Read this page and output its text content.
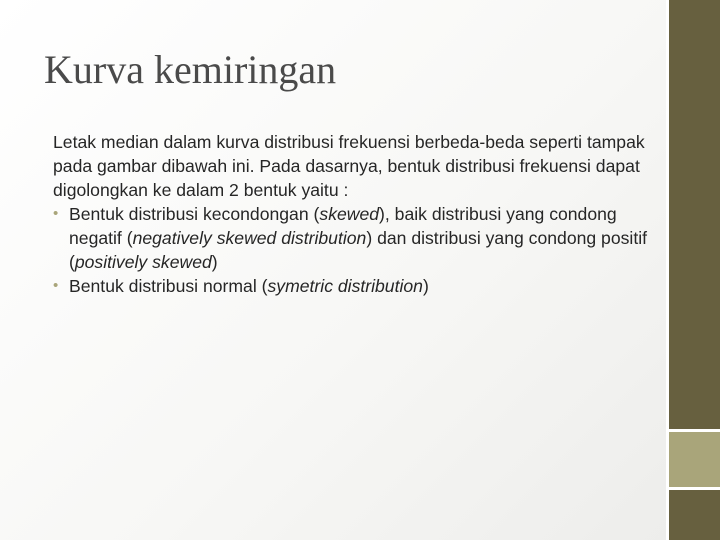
Kurva kemiringan

Letak median dalam kurva distribusi frekuensi berbeda-beda seperti tampak pada gambar dibawah ini. Pada dasarnya, bentuk distribusi frekuensi dapat digolongkan ke dalam 2 bentuk yaitu :

• Bentuk distribusi kecondongan (skewed), baik distribusi yang condong negatif (negatively skewed distribution) dan distribusi yang condong positif (positively skewed)
• Bentuk distribusi normal (symetric distribution)
